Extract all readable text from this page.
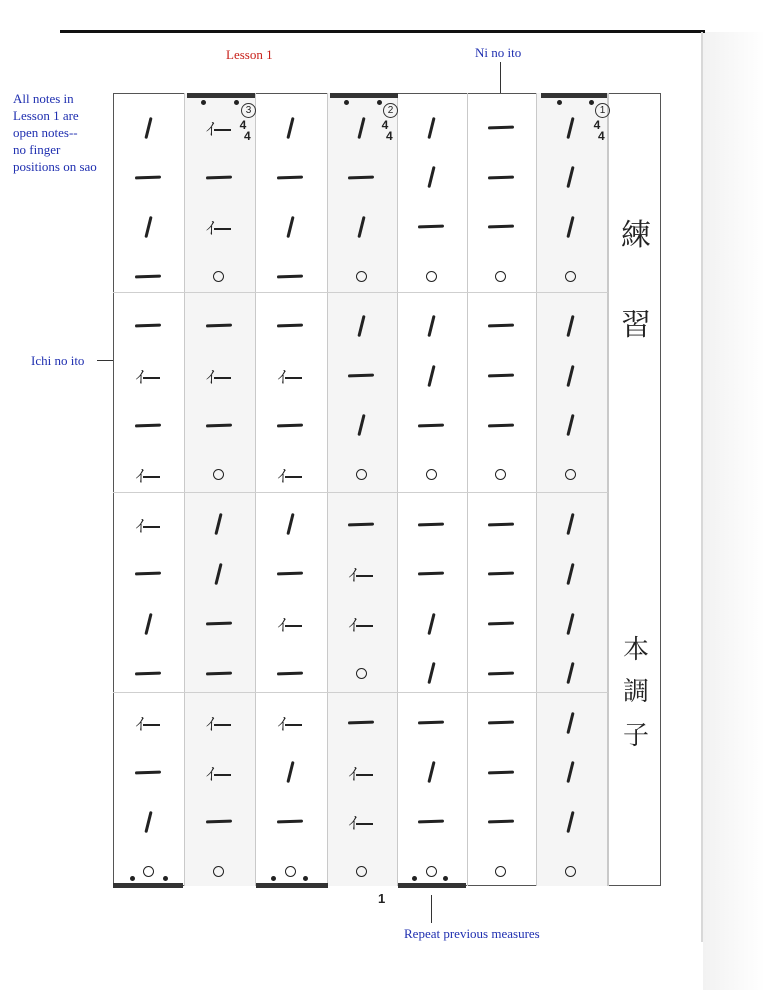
Lesson 1	Ni no ito
All notes in
Lesson 1 are
open notes--
no finger
positions on sao
Ichi no ito
Repeat previous measures
3
4
4
2
4
4
1
4
4
ｲ
ｲ
ｲ
ｲ
ｲ
ｲ
ｲ
ｲ
ｲ
ｲ
ｲ
ｲ
ｲ
ｲ
ｲ
ｲ
ｲ
練
習
本
調
子
1
